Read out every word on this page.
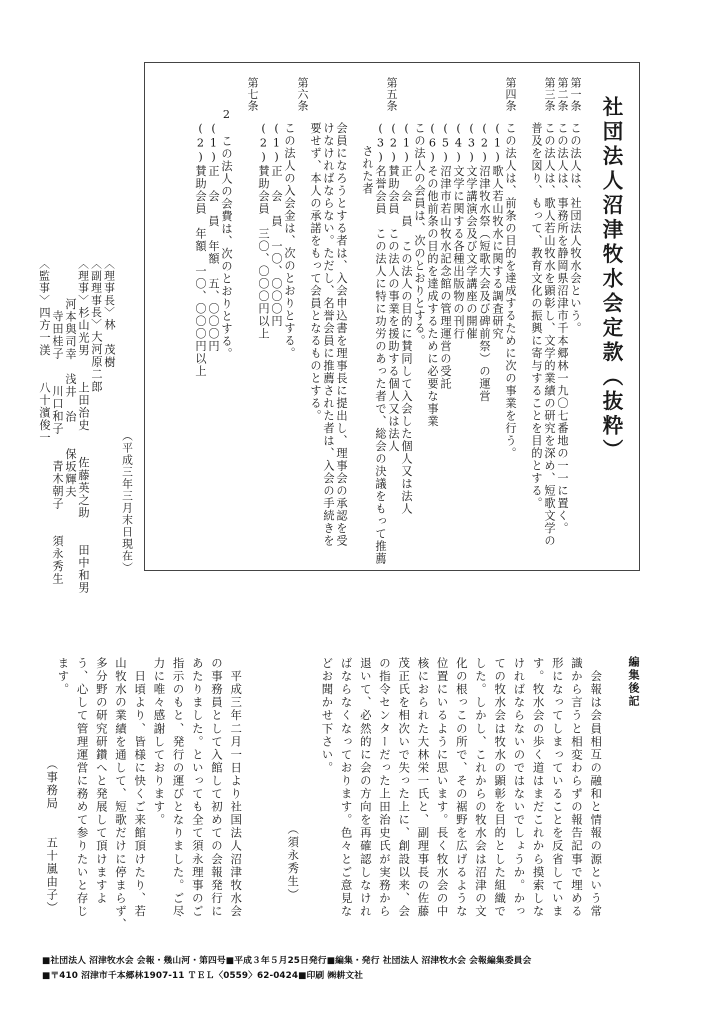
社団法人沼津牧水会定款（抜粋）
第一条
この法人は、社団法人牧水会という。
第二条
この法人は、事務所を静岡県沼津市千本郷林一九〇七番地の一一に置く。
第三条
この法人は、歌人若山牧水を顕彰し、文学的業績の研究を深め、短歌文学の
普及を図り、もって、教育文化の振興に寄与することを目的とする。
第四条
この法人は、前条の目的を達成するために次の事業を行う。
(1)歌人若山牧水に関する調査研究
(2)沼津牧水祭（短歌大会及び碑前祭）の運営
(3)文学講演会及び文学講座の開催
(4)文学に関する各種出版物の刊行
(5)沼津市若山牧水記念館の管理運営の受託
(6)その他前条の目的を達成するために必要な事業
第五条
この法人の会員は、次のとおりとする。
(1)正　会　員　この法人の目的に賛同して入会した個人又は法人
(2)賛助会員　この法人の事業を援助する個人又は法人
(3)名誉会員　この法人に特に功労のあった者で、総会の決議をもって推薦
された者
第六条
会員になろうとする者は、入会申込書を理事長に提出し、理事会の承認を受
けなければならない。ただし、名誉会員に推薦された者は、入会の手続きを
要せず、本人の承諾をもって会員となるものとする。
第七条
この法人の入会金は、次のとおりとする。
(1)正　会　員　一〇、〇〇〇円
(2)賛助会員　三〇、〇〇〇円以上
2
この法人の会費は、次のとおりとする。
(1)正　会　員　年額　五、〇〇〇円
(2)賛助会員　年額　一〇、〇〇〇円以上
（平成三年三月末日現在）
〈理事長〉林　茂樹
〈副理事長〉大河原二郎
〈理事〉杉山光男　　上田治史　　佐藤英之助　　田中和男
河本與司幸　浅井　治　　保坂輝夫
寺田桂子　　川口和子　　青木朝子　　須永秀生
〈監事〉四方一渼　　八十濱俊一
編集後記
　会報は会員相互の融和と情報の源という常
識から言うと相変わらずの報告記事で埋める
形になってしまっていることを反省していま
す。牧水会の歩く道はまだこれから摸索しな
ければならないのではないでしょうか。かっ
ての牧水会は牧水の顕彰を目的とした組織で
した。しかし、これからの牧水会は沼津の文
化の根っこの所で、その裾野を広げるような
位置にいるように思います。長く牧水会の中
核におられた大林栄一氏と、副理事長の佐藤
茂正氏を相次いで失った上に、創設以来、会
の指令センターだった上田治史氏が実務から
退いて、必然的に会の方向を再確認しなけれ
ばならなくなっております。色々とご意見な
どお聞かせ下さい。
（須永秀生）
　平成三年二月一日より社国法人沼津牧水会
の事務員として入館して初めての会報発行に
あたりました。といっても全て須永理事のご
指示のもと、発行の運びとなりました。ご尽
力に唯々感謝しております。
　日頃より、皆様に快くご来館頂けたり、若
山牧水の業績を通して、短歌だけに停まらず、
多分野の研究研鑽へと発展して頂けますよ
う、心して管理運営に務めて参りたいと存じ
ます。
（事務局　　五十嵐由子）
■社団法人 沼津牧水会 会報・幾山河・第四号■平成３年５月25日発行■編集・発行 社団法人 沼津牧水会 会報編集委員会
■〒410 沼津市千本郷林1907-11 ＴＥＬ〈0559〉62-0424■印刷 ㈱耕文社
